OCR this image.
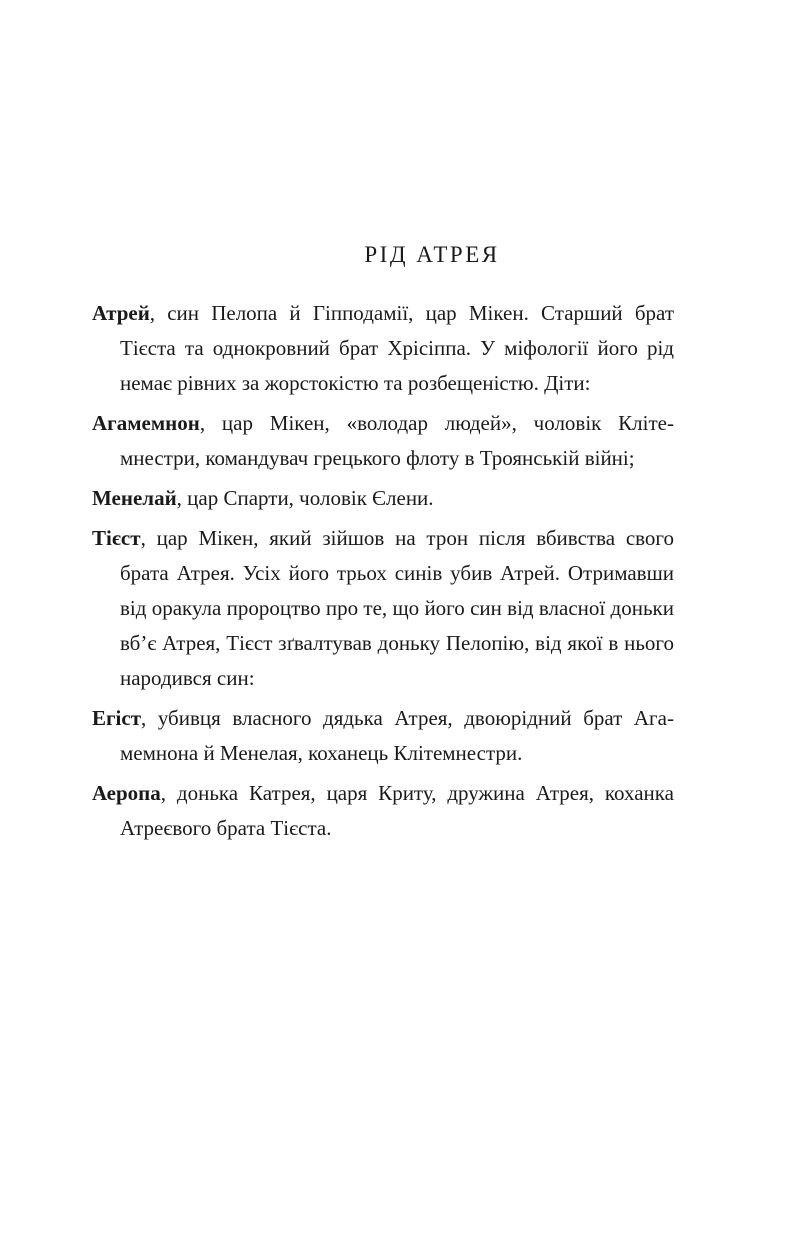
РІД АТРЕЯ
Атрей, син Пелопа й Гіпподамії, цар Мікен. Старший брат Тієста та однокровний брат Хрісіппа. У міфології його рід немає рівних за жорстокістю та розбещеністю. Діти:
Агамемнон, цар Мікен, «володар людей», чоловік Клітемнестри, командувач грецького флоту в Троянській війні;
Менелай, цар Спарти, чоловік Єлени.
Тієст, цар Мікен, який зійшов на трон після вбивства свого брата Атрея. Усіх його трьох синів убив Атрей. Отримавши від оракула пророцтво про те, що його син від власної доньки вб’є Атрея, Тієст зґвалтував доньку Пелопію, від якої в нього народився син:
Егіст, убивця власного дядька Атрея, двоюрідний брат Агамемнона й Менелая, коханець Клітемнестри.
Аеропа, донька Катрея, царя Криту, дружина Атрея, коханка Атреєвого брата Тієста.
